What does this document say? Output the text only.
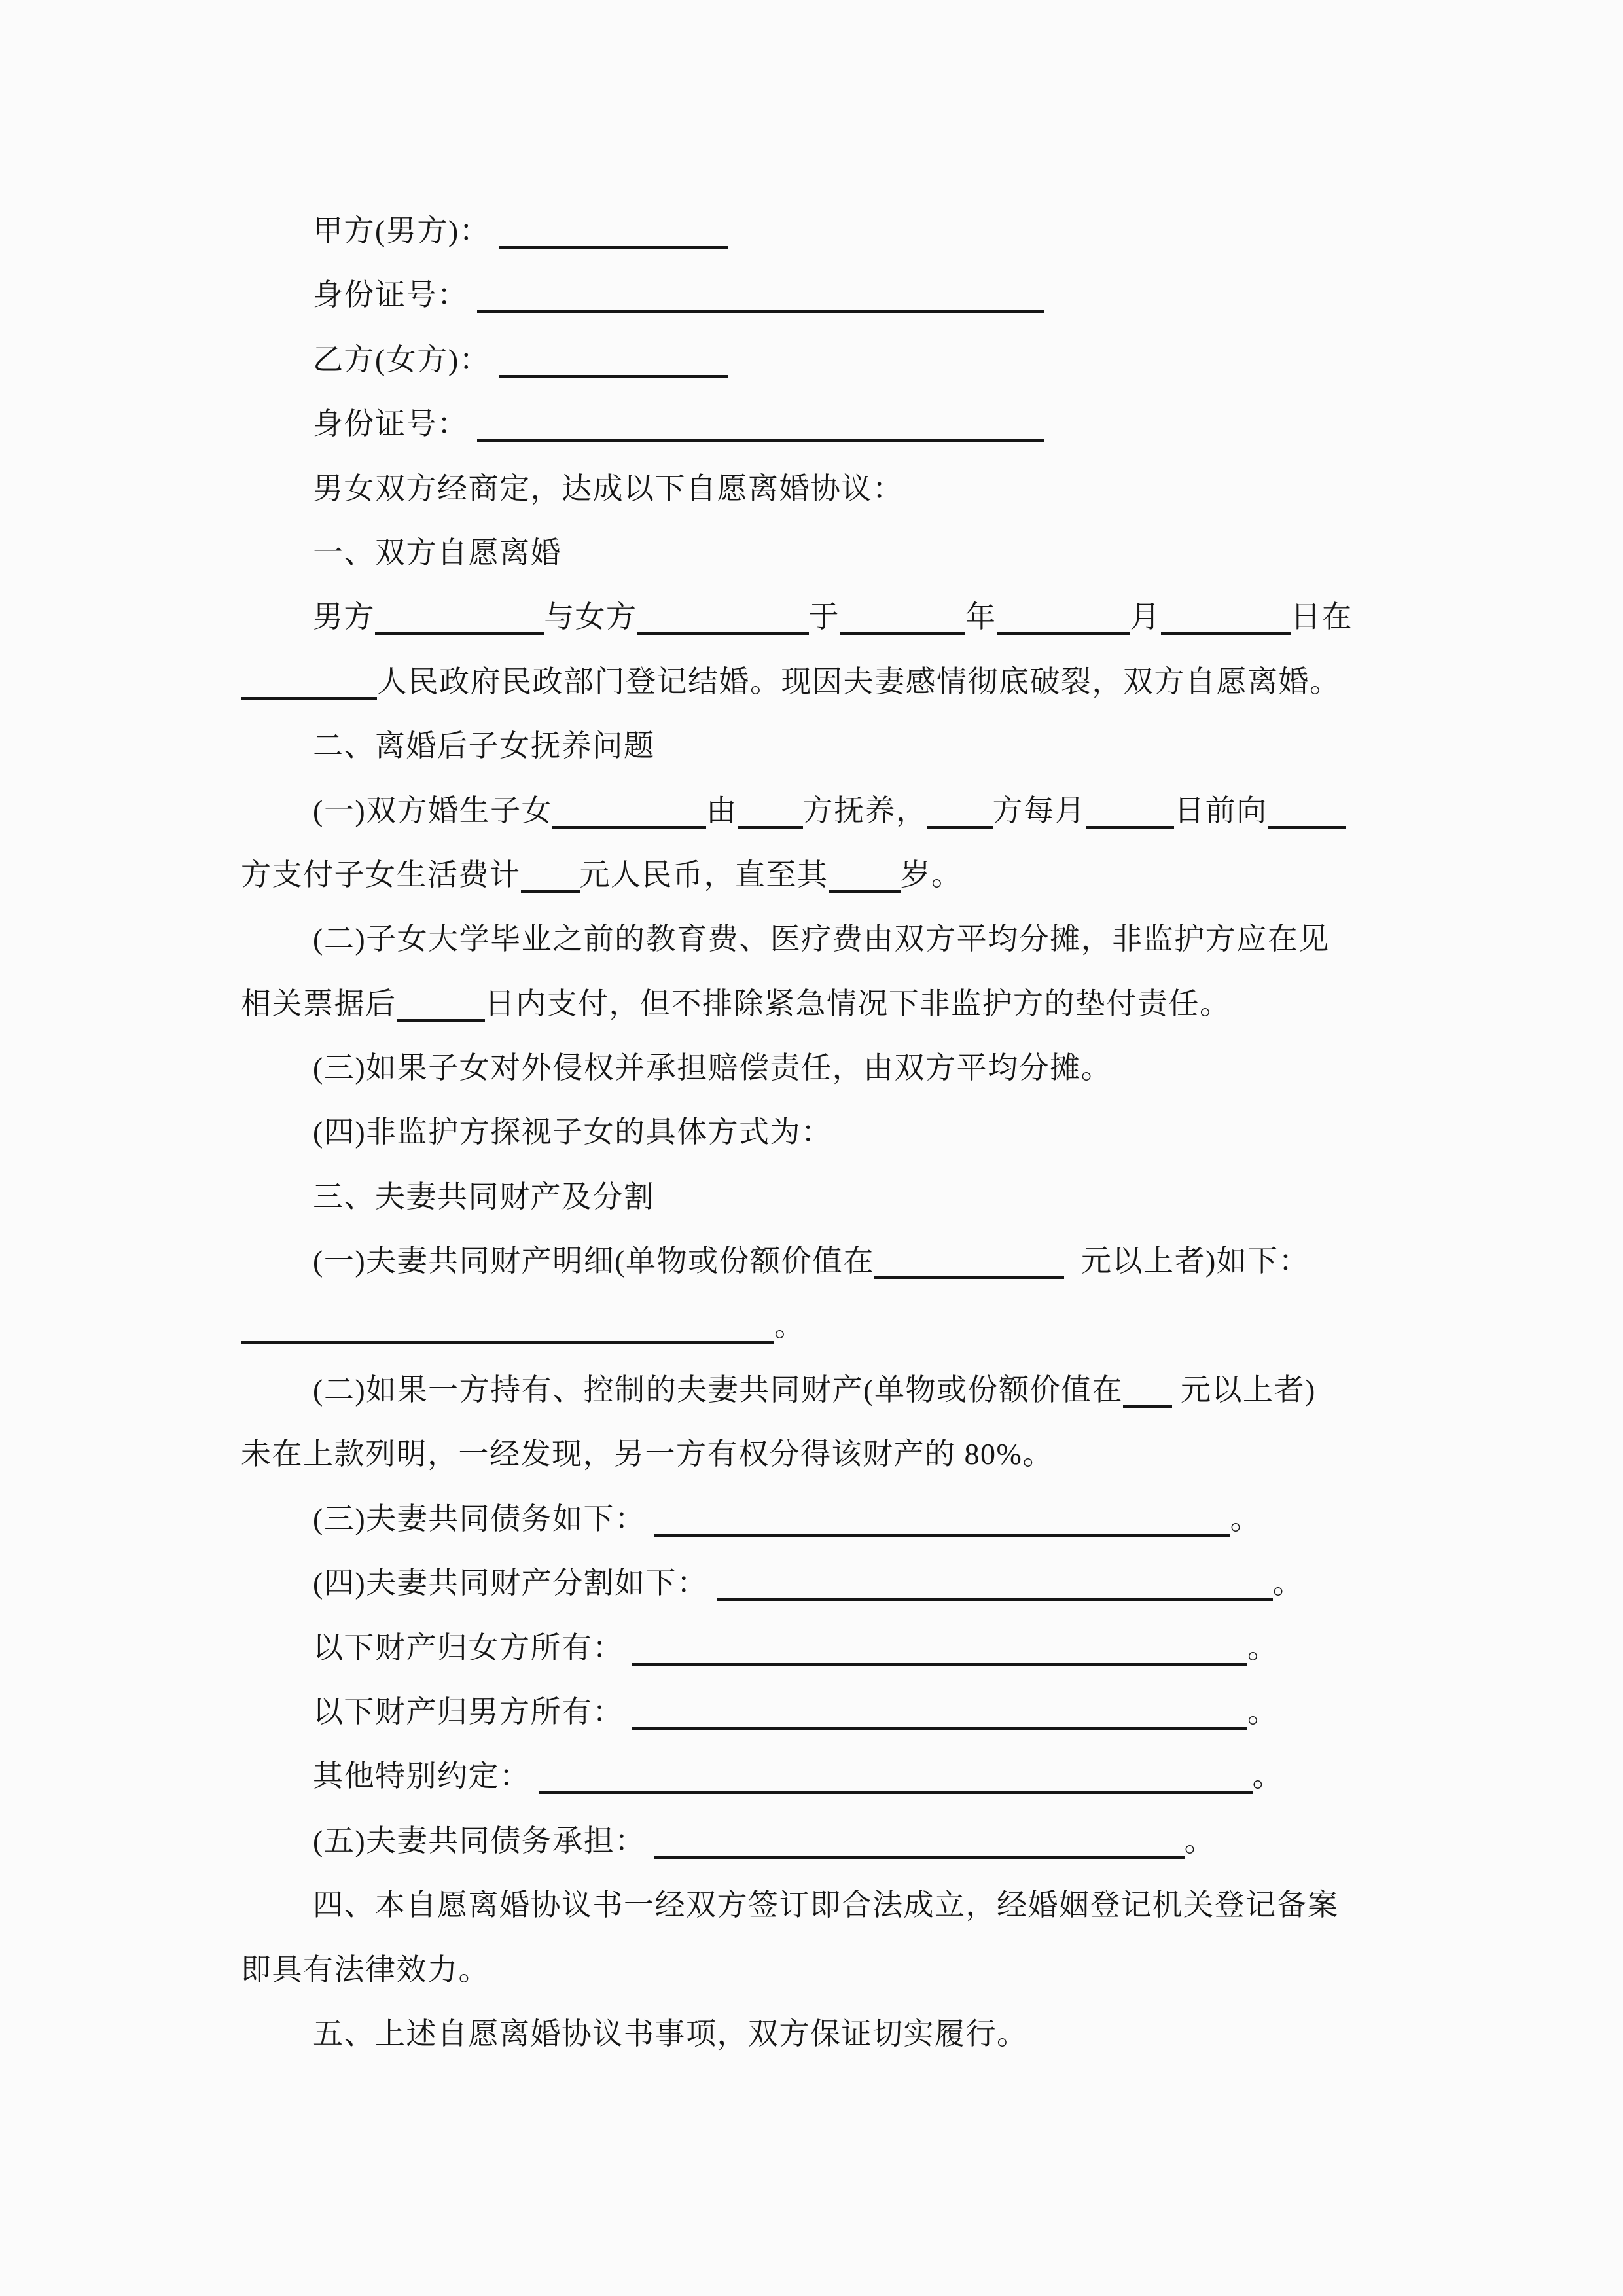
甲方(男方)：
身份证号：
乙方(女方)：
身份证号：
男女双方经商定，达成以下自愿离婚协议：
一、双方自愿离婚
男方	与女方	于	年	月	日在
人民政府民政部门登记结婚。现因夫妻感情彻底破裂，双方自愿离婚。
二、离婚后子女抚养问题
(一)双方婚生子女	由 方抚养， 方每月	日前向
方支付子女生活费计 元人民币，直至其 岁。
(二)子女大学毕业之前的教育费、医疗费由双方平均分摊，非监护方应在见
相关票据后	日内支付，但不排除紧急情况下非监护方的垫付责任。
(三)如果子女对外侵权并承担赔偿责任，由双方平均分摊。
(四)非监护方探视子女的具体方式为：
三、夫妻共同财产及分割
(一)夫妻共同财产明细(单物或份额价值在	元以上者)如下：
。
(二)如果一方持有、控制的夫妻共同财产(单物或份额价值在 元以上者)
未在上款列明，一经发现，另一方有权分得该财产的 80%。
(三)夫妻共同债务如下：	。
(四)夫妻共同财产分割如下：	。
以下财产归女方所有：	。
以下财产归男方所有：	。
其他特别约定：	。
(五)夫妻共同债务承担：	。
四、本自愿离婚协议书一经双方签订即合法成立，经婚姻登记机关登记备案
即具有法律效力。
五、上述自愿离婚协议书事项，双方保证切实履行。
